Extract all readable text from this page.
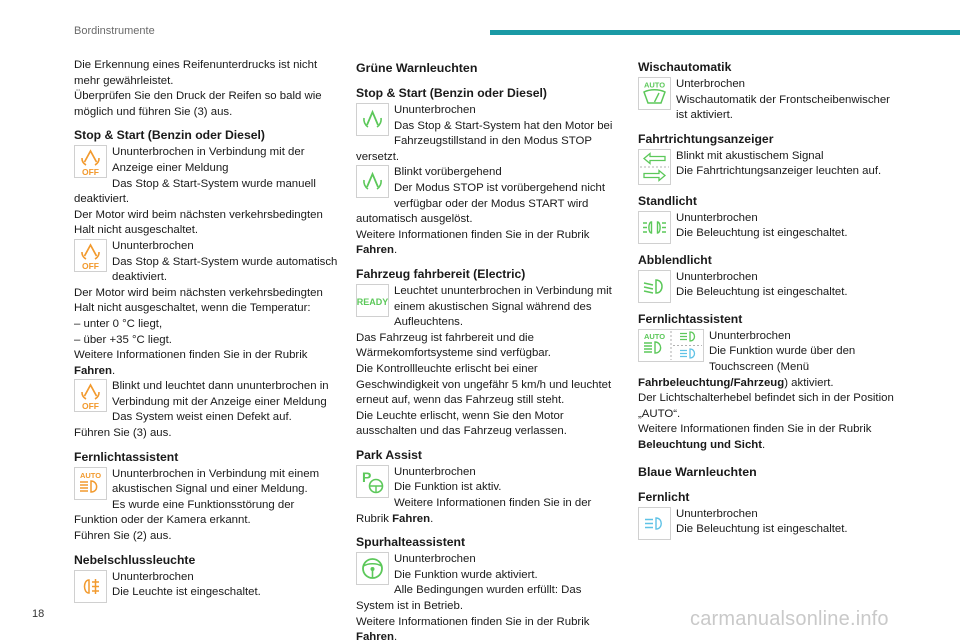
Bordinstrumente

Die Erkennung eines Reifenunterdrucks ist nicht mehr gewährleistet.

Überprüfen Sie den Druck der Reifen so bald wie möglich und führen Sie (3) aus.

Stop & Start (Benzin oder Diesel)
OFF

Ununterbrochen in Verbindung mit der Anzeige einer Meldung

Das Stop & Start-System wurde manuell deaktiviert.

Der Motor wird beim nächsten verkehrsbedingten Halt nicht ausgeschaltet.

OFF

Ununterbrochen

Das Stop & Start-System wurde automatisch deaktiviert.

Der Motor wird beim nächsten verkehrsbedingten Halt nicht ausgeschaltet, wenn die Temperatur:

– unter 0 °C liegt,

– über +35 °C liegt.

Weitere Informationen finden Sie in der Rubrik Fahren.

OFF

Blinkt und leuchtet dann ununterbrochen in Verbindung mit der Anzeige einer Meldung

Das System weist einen Defekt auf.

Führen Sie (3) aus.

Fernlichtassistent
AUTO Ununterbrochen in Verbindung mit einem akustischen Signal und einer Meldung.

Es wurde eine Funktionsstörung der Funktion oder der Kamera erkannt.

Führen Sie (2) aus.

Nebelschlussleuchte

Ununterbrochen

Die Leuchte ist eingeschaltet.

Grüne Warnleuchten
Stop & Start (Benzin oder Diesel)

Ununterbrochen

Das Stop & Start-System hat den Motor bei Fahrzeugstillstand in den Modus STOP versetzt.

Blinkt vorübergehend

Der Modus STOP ist vorübergehend nicht verfügbar oder der Modus START wird automatisch ausgelöst.

Weitere Informationen finden Sie in der Rubrik Fahren.

Fahrzeug fahrbereit (Electric)
READY

Leuchtet ununterbrochen in Verbindung mit einem akustischen Signal während des Aufleuchtens.

Das Fahrzeug ist fahrbereit und die Wärmekomfortsysteme sind verfügbar.

Die Kontrollleuchte erlischt bei einer Geschwindigkeit von ungefähr 5 km/h und leuchtet erneut auf, wenn das Fahrzeug still steht.

Die Leuchte erlischt, wenn Sie den Motor ausschalten und das Fahrzeug verlassen.

Park Assist
P	Ununterbrochen

Die Funktion ist aktiv.

Weitere Informationen finden Sie in der Rubrik Fahren.

Spurhalteassistent

Ununterbrochen

Die Funktion wurde aktiviert.

Alle Bedingungen wurden erfüllt: Das System ist in Betrieb.

Weitere Informationen finden Sie in der Rubrik Fahren.

Wischautomatik
AUTO Unterbrochen

Wischautomatik der Frontscheibenwischer ist aktiviert.

Fahrtrichtungsanzeiger

Blinkt mit akustischem Signal

Die Fahrtrichtungsanzeiger leuchten auf.

Standlicht

Ununterbrochen

Die Beleuchtung ist eingeschaltet.

Abblendlicht

Ununterbrochen

Die Beleuchtung ist eingeschaltet.

Fernlichtassistent
AUTO	Ununterbrochen

Die Funktion wurde über den Touchscreen (Menü Fahrbeleuchtung/Fahrzeug) aktiviert.

Der Lichtschalterhebel befindet sich in der Position „AUTO“.

Weitere Informationen finden Sie in der Rubrik Beleuchtung und Sicht.

Blaue Warnleuchten
Fernlicht

Ununterbrochen

Die Beleuchtung ist eingeschaltet.

18	carmanualsonline.info
